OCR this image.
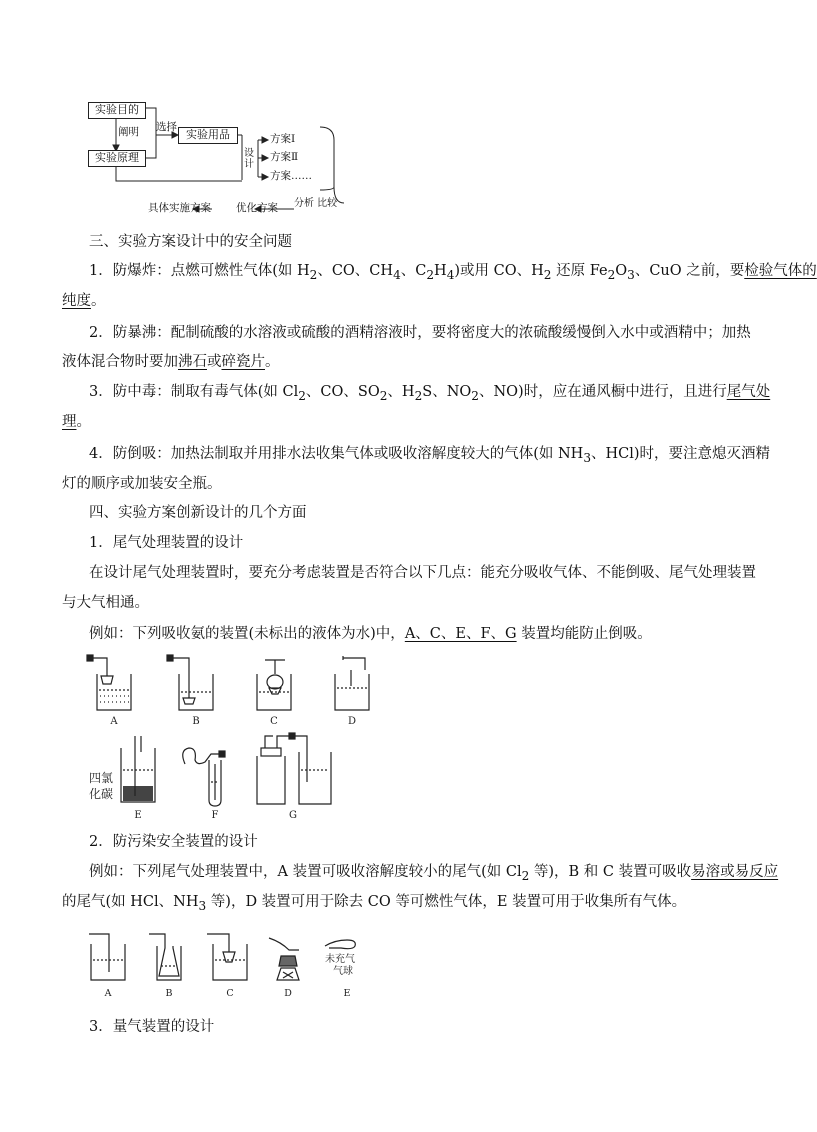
实验目的
实验原理
阐明 选择
实验用品
设计
方案Ⅰ
方案Ⅱ
方案……
分析 比较
优化方案
具体实施方案
三、实验方案设计中的安全问题
1．防爆炸：点燃可燃性气体(如 $H_2$、CO、$CH_4$、$C_2H_4$)或用 CO、$H_2$ 还原 $Fe_2O_3$、CuO 之前，要检验气体的
纯度。
2．防暴沸：配制硫酸的水溶液或硫酸的酒精溶液时，要将密度大的浓硫酸缓慢倒入水中或酒精中；加热
液体混合物时要加沸石或碎瓷片。
3．防中毒：制取有毒气体(如 $Cl_2$、CO、$SO_2$、$H_2S$、$NO_2$、NO)时，应在通风橱中进行，且进行尾气处
理。
4．防倒吸：加热法制取并用排水法收集气体或吸收溶解度较大的气体(如 $NH_3$、HCl)时，要注意熄灭酒精
灯的顺序或加装安全瓶。
四、实验方案创新设计的几个方面
1．尾气处理装置的设计
在设计尾气处理装置时，要充分考虑装置是否符合以下几点：能充分吸收气体、不能倒吸、尾气处理装置
与大气相通。
例如：下列吸收氨的装置(未标出的液体为水)中，A、C、E、F、G 装置均能防止倒吸。
A	B	C	D
E	F	G
四氯
化碳
2．防污染安全装置的设计
例如：下列尾气处理装置中，A 装置可吸收溶解度较小的尾气(如 $Cl_2$ 等)，B 和 C 装置可吸收易溶或易反应
的尾气(如 HCl、$NH_3$ 等)，D 装置可用于除去 CO 等可燃性气体，E 装置可用于收集所有气体。
A	B	C	D	E
未充气
气球
3．量气装置的设计
